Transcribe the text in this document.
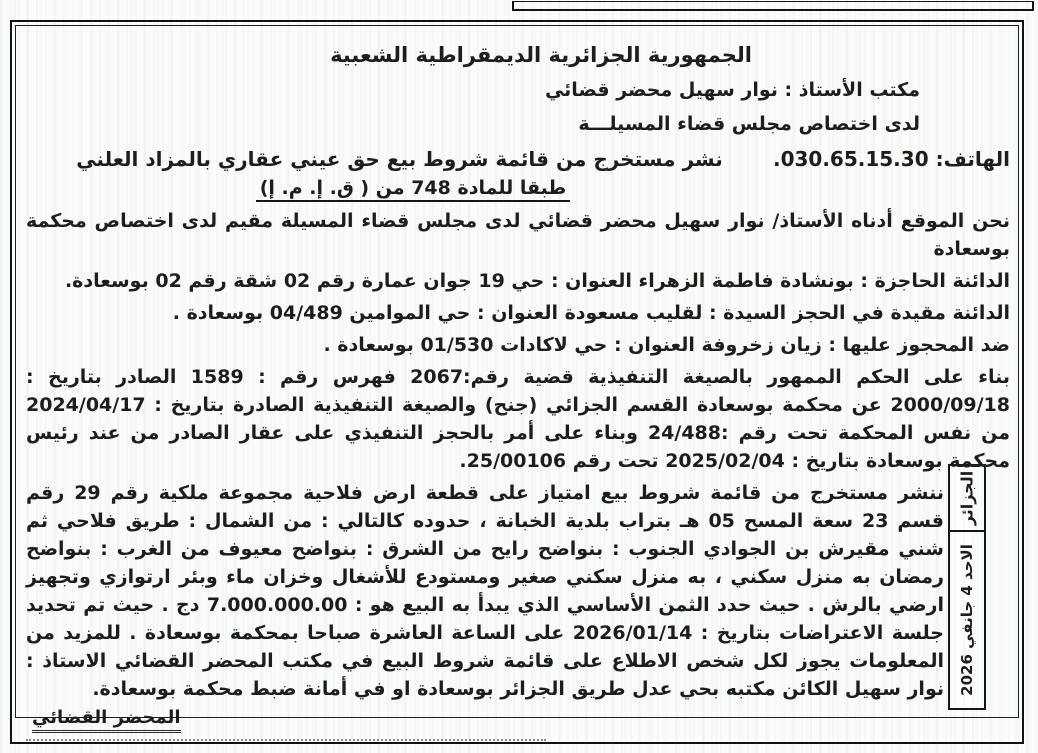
الجزائر
الاحد 4 جانفي 2026
الجمهورية الجزائرية الديمقراطية الشعبية
مكتب الأستاذ : نوار سهيل محضر قضائي
لدى اختصاص مجلس قضاء المسيلـــة
الهاتف: 030.65.15.30.
نشر مستخرج من قائمة شروط بيع حق عيني عقاري بالمزاد العلني
طبقا للمادة 748 من ( ق. إ. م. إ)

نحن الموقع أدناه الأستاذ/ نوار سهيل محضر قضائي لدى مجلس قضاء المسيلة مقيم لدى اختصاص محكمة بوسعادة

الدائنة الحاجزة : بونشادة فاطمة الزهراء العنوان : حي 19 جوان عمارة رقم 02 شقة رقم 02 بوسعادة.

الدائنة مقيدة في الحجز السيدة : لقليب مسعودة العنوان : حي الموامين 04/489 بوسعادة .

ضد المحجوز عليها : زيان زخروفة العنوان : حي لاكادات 01/530 بوسعادة .

بناء على الحكم الممهور بالصيغة التنفيذية قضية رقم:2067 فهرس رقم : 1589 الصادر بتاريخ : 2000/09/18 عن محكمة بوسعادة القسم الجزائي (جنح) والصيغة التنفيذية الصادرة بتاريخ : 2024/04/17 من نفس المحكمة تحت رقم :24/488 وبناء على أمر بالحجز التنفيذي على عقار الصادر من عند رئيس محكمة بوسعادة بتاريخ : 2025/02/04 تحت رقم 25/00106.

ننشر مستخرج من قائمة شروط بيع امتياز على قطعة ارض فلاحية مجموعة ملكية رقم 29 رقم قسم 23 سعة المسح 05 هـ بتراب بلدية الخبانة ، حدوده كالتالي : من الشمال : طريق فلاحي ثم شني مقيرش بن الجوادي الجنوب : بنواضح رايح من الشرق : بنواضح معيوف من الغرب : بنواضح رمضان به منزل سكني ، به منزل سكني صغير ومستودع للأشغال وخزان ماء وبئر ارتوازي وتجهيز ارضي بالرش . حيث حدد الثمن الأساسي الذي يبدأ به البيع هو : 7.000.000.00 دج . حيث تم تحديد جلسة الاعتراضات بتاريخ : 2026/01/14 على الساعة العاشرة صباحا بمحكمة بوسعادة . للمزيد من المعلومات يجوز لكل شخص الاطلاع على قائمة شروط البيع في مكتب المحضر القضائي الاستاذ : نوار سهيل الكائن مكتبه بحي عدل طريق الجزائر بوسعادة او في أمانة ضبط محكمة بوسعادة.

المحضر القضائي
